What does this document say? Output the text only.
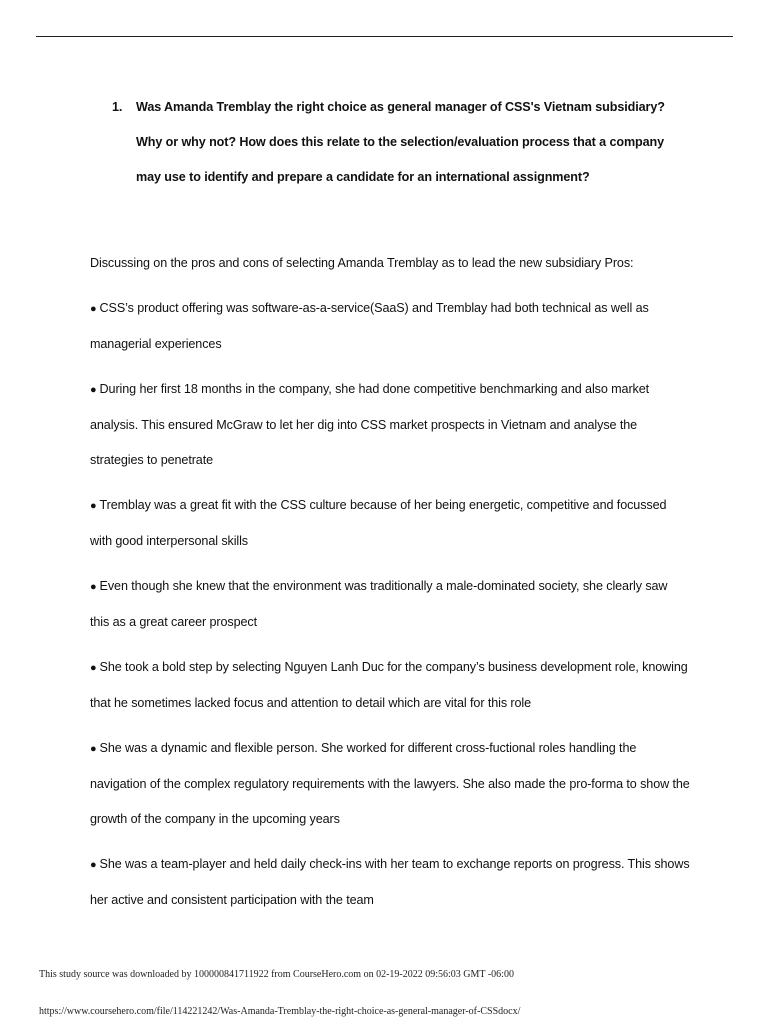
1. Was Amanda Tremblay the right choice as general manager of CSS's Vietnam subsidiary? Why or why not? How does this relate to the selection/evaluation process that a company may use to identify and prepare a candidate for an international assignment?

Discussing on the pros and cons of selecting Amanda Tremblay as to lead the new subsidiary Pros:

● CSS’s product offering was software-as-a-service(SaaS) and Tremblay had both technical as well as managerial experiences

● During her first 18 months in the company, she had done competitive benchmarking and also market analysis. This ensured McGraw to let her dig into CSS market prospects in Vietnam and analyse the strategies to penetrate

● Tremblay was a great fit with the CSS culture because of her being energetic, competitive and focussed with good interpersonal skills

● Even though she knew that the environment was traditionally a male-dominated society, she clearly saw this as a great career prospect

● She took a bold step by selecting Nguyen Lanh Duc for the company’s business development role, knowing that he sometimes lacked focus and attention to detail which are vital for this role

● She was a dynamic and flexible person. She worked for different cross-fuctional roles handling the navigation of the complex regulatory requirements with the lawyers. She also made the pro-forma to show the growth of the company in the upcoming years

● She was a team-player and held daily check-ins with her team to exchange reports on progress. This shows her active and consistent participation with the team

This study source was downloaded by 100000841711922 from CourseHero.com on 02-19-2022 09:56:03 GMT -06:00
https://www.coursehero.com/file/114221242/Was-Amanda-Tremblay-the-right-choice-as-general-manager-of-CSSdocx/
